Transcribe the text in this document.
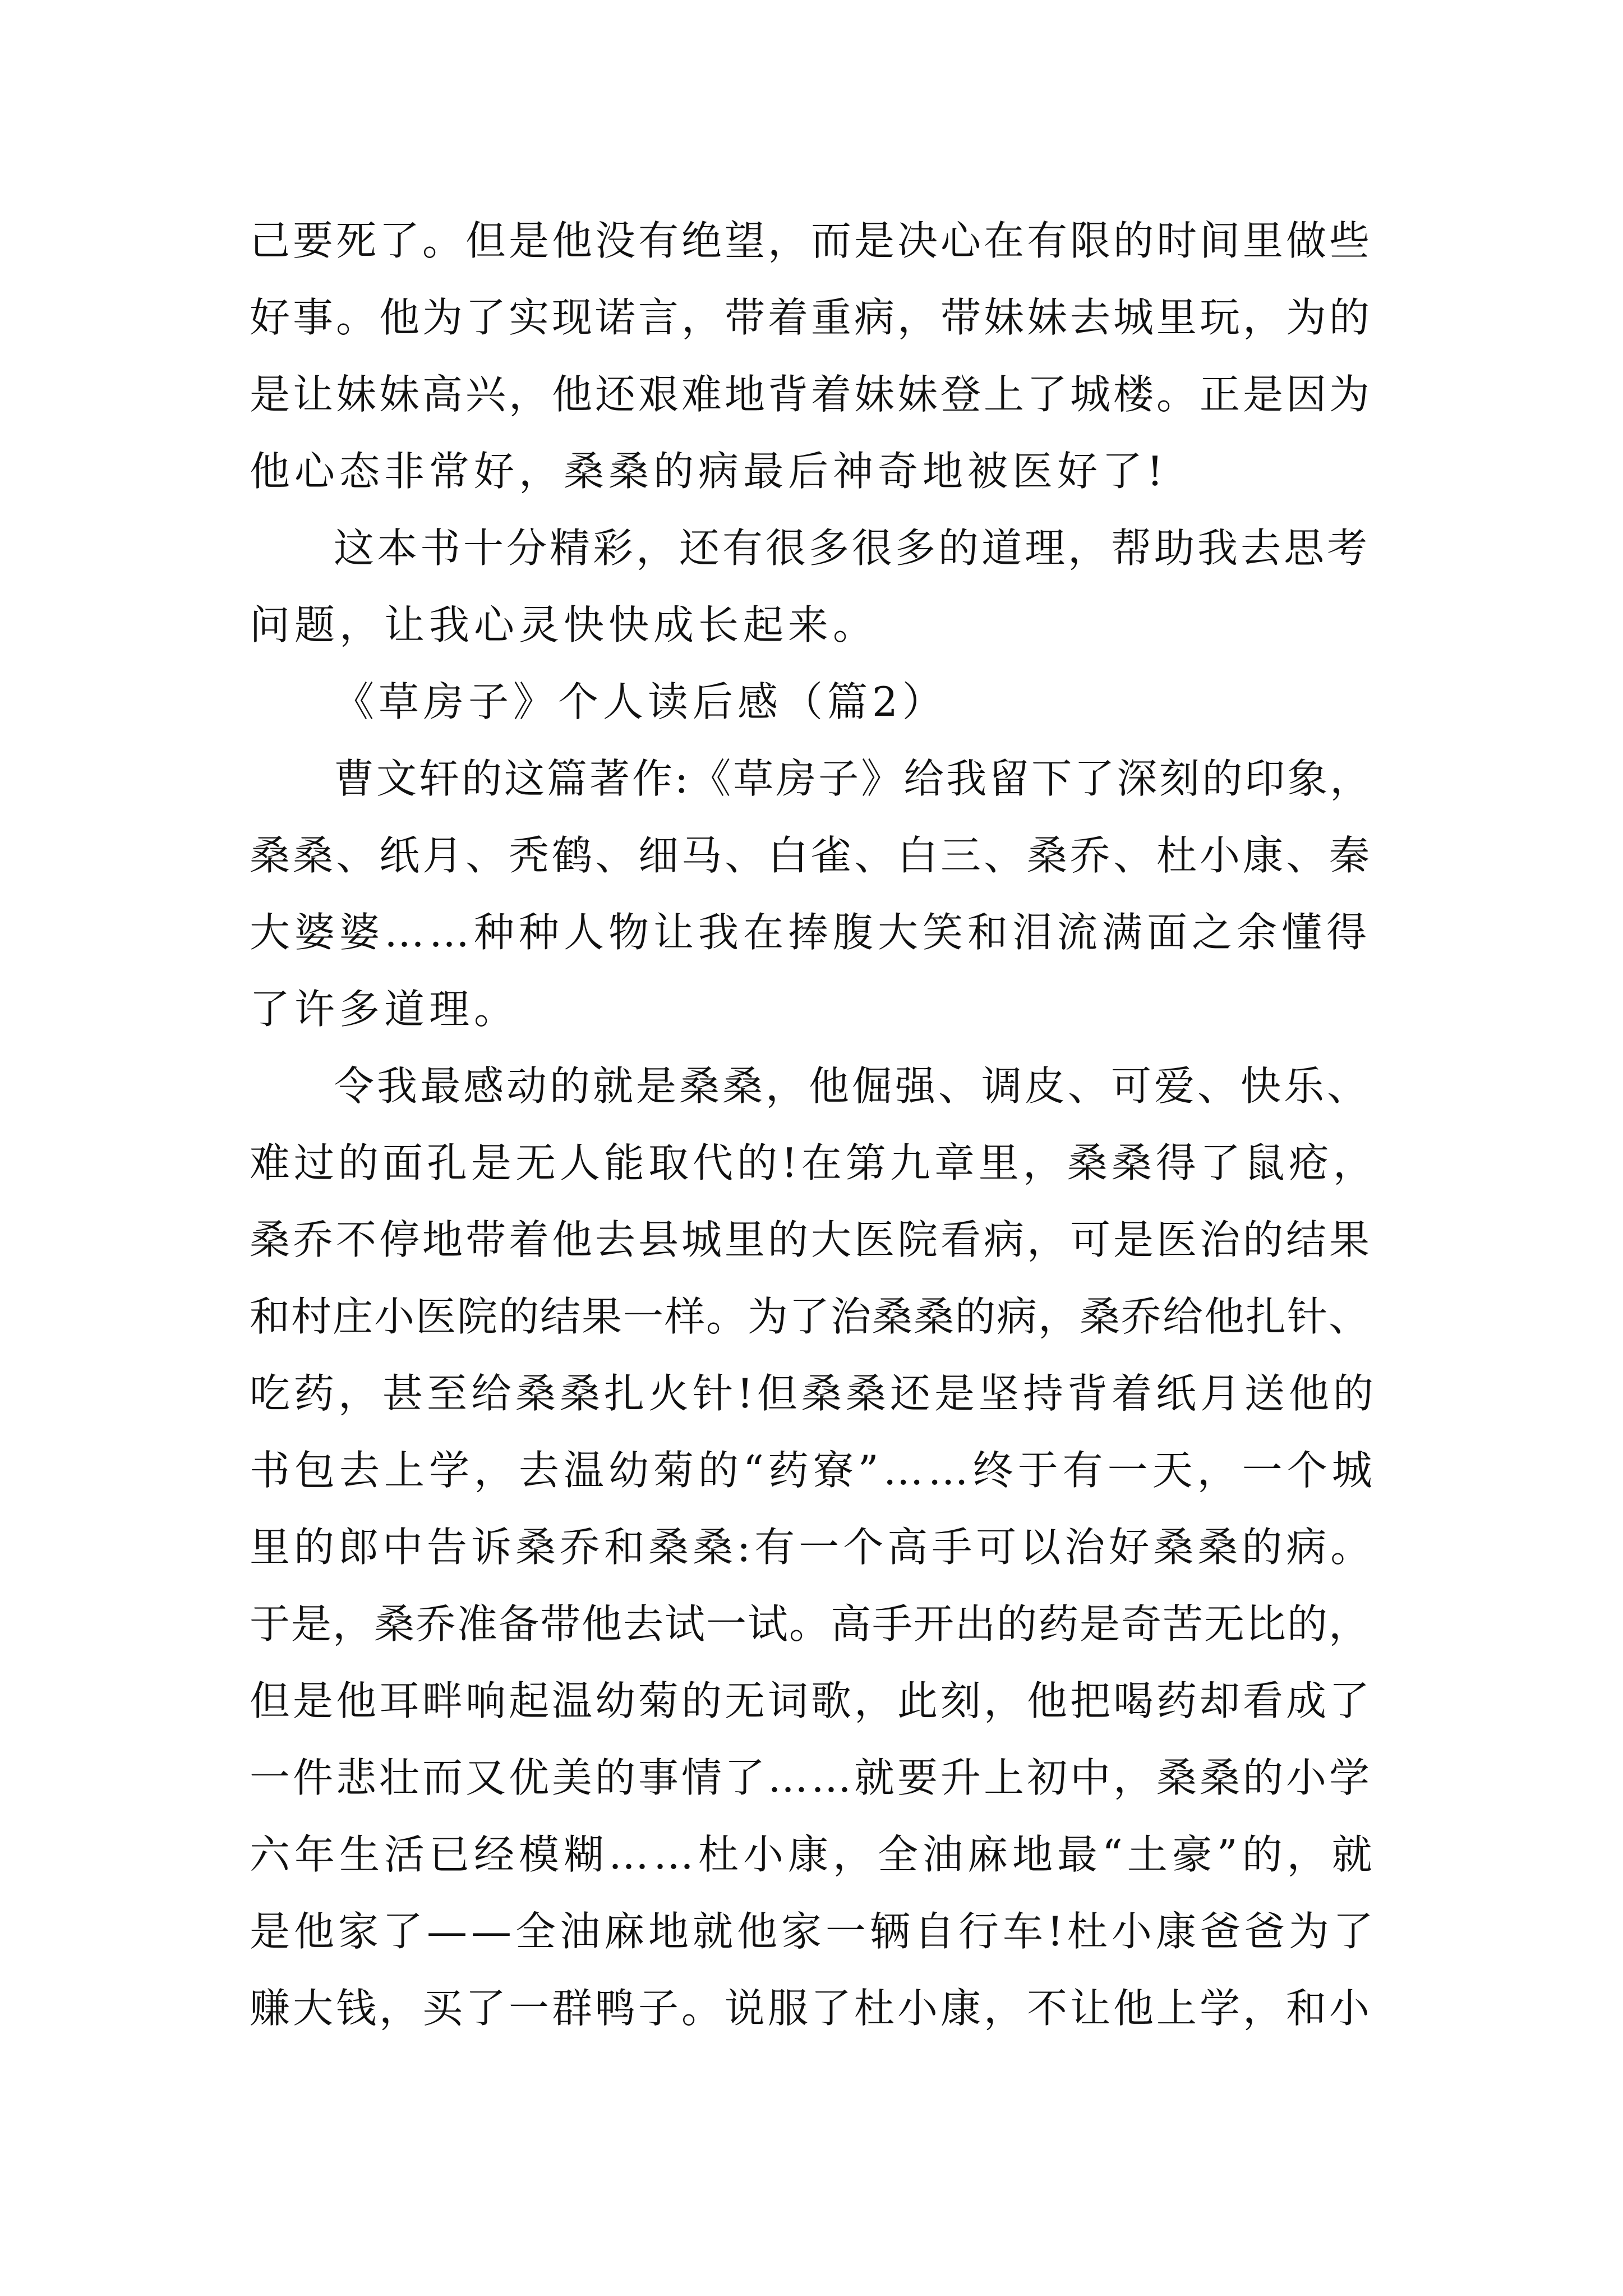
己要死了。但是他没有绝望，而是决心在有限的时间里做些
好事。他为了实现诺言，带着重病，带妹妹去城里玩，为的
是让妹妹高兴，他还艰难地背着妹妹登上了城楼。正是因为
他心态非常好，桑桑的病最后神奇地被医好了!
这本书十分精彩，还有很多很多的道理，帮助我去思考
问题，让我心灵快快成长起来。
《草房子》个人读后感（篇2）
曹文轩的这篇著作:《草房子》给我留下了深刻的印象，
桑桑、纸月、秃鹤、细马、白雀、白三、桑乔、杜小康、秦
大婆婆……种种人物让我在捧腹大笑和泪流满面之余懂得
了许多道理。
令我最感动的就是桑桑，他倔强、调皮、可爱、快乐、
难过的面孔是无人能取代的!在第九章里，桑桑得了鼠疮，
桑乔不停地带着他去县城里的大医院看病，可是医治的结果
和村庄小医院的结果一样。为了治桑桑的病，桑乔给他扎针、
吃药，甚至给桑桑扎火针!但桑桑还是坚持背着纸月送他的
书包去上学，去温幼菊的“药寮”……终于有一天，一个城
里的郎中告诉桑乔和桑桑:有一个高手可以治好桑桑的病。
于是，桑乔准备带他去试一试。高手开出的药是奇苦无比的，
但是他耳畔响起温幼菊的无词歌，此刻，他把喝药却看成了
一件悲壮而又优美的事情了……就要升上初中，桑桑的小学
六年生活已经模糊……杜小康，全油麻地最“土豪”的，就
是他家了——全油麻地就他家一辆自行车!杜小康爸爸为了
赚大钱，买了一群鸭子。说服了杜小康，不让他上学，和小
